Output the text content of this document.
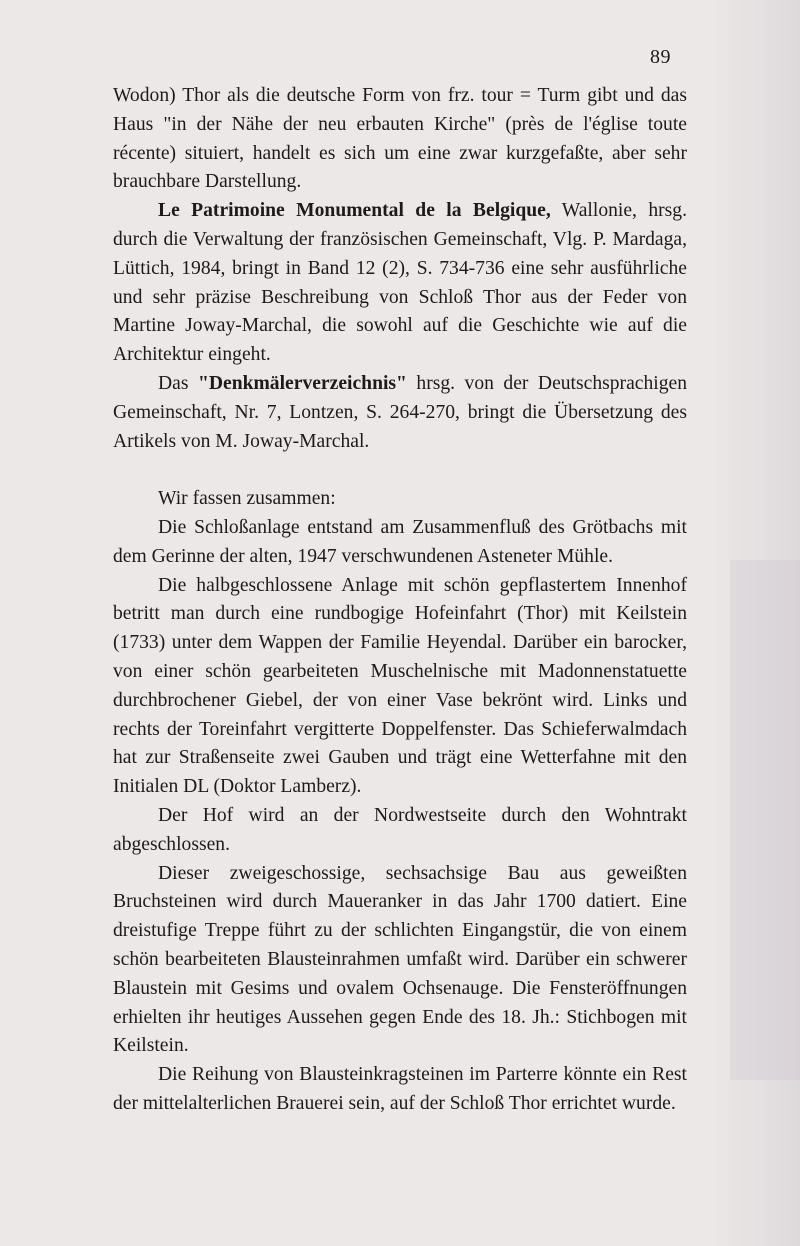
89

Wodon) Thor als die deutsche Form von frz. tour = Turm gibt und das Haus "in der Nähe der neu erbauten Kirche" (près de l'église toute récente) situiert, handelt es sich um eine zwar kurzgefaßte, aber sehr brauchbare Darstellung.

Le Patrimoine Monumental de la Belgique, Wallonie, hrsg. durch die Verwaltung der französischen Gemeinschaft, Vlg. P. Mardaga, Lüttich, 1984, bringt in Band 12 (2), S. 734-736 eine sehr ausführliche und sehr präzise Beschreibung von Schloß Thor aus der Feder von Martine Joway-Marchal, die sowohl auf die Geschichte wie auf die Architektur eingeht.

Das "Denkmälerverzeichnis" hrsg. von der Deutschsprachigen Gemeinschaft, Nr. 7, Lontzen, S. 264-270, bringt die Übersetzung des Artikels von M. Joway-Marchal.

Wir fassen zusammen:

Die Schloßanlage entstand am Zusammenfluß des Grötbachs mit dem Gerinne der alten, 1947 verschwundenen Asteneter Mühle.

Die halbgeschlossene Anlage mit schön gepflastertem Innenhof betritt man durch eine rundbogige Hofeinfahrt (Thor) mit Keilstein (1733) unter dem Wappen der Familie Heyendal. Darüber ein barocker, von einer schön gearbeiteten Muschelnische mit Madonnenstatuette durchbrochener Giebel, der von einer Vase bekrönt wird. Links und rechts der Toreinfahrt vergitterte Doppelfenster. Das Schieferwalmdach hat zur Straßenseite zwei Gauben und trägt eine Wetterfahne mit den Initialen DL (Doktor Lamberz).

Der Hof wird an der Nordwestseite durch den Wohntrakt abgeschlossen.

Dieser zweigeschossige, sechsachsige Bau aus geweißten Bruchsteinen wird durch Maueranker in das Jahr 1700 datiert. Eine dreistufige Treppe führt zu der schlichten Eingangstür, die von einem schön bearbeiteten Blausteinrahmen umfaßt wird. Darüber ein schwerer Blaustein mit Gesims und ovalem Ochsenauge. Die Fensteröffnungen erhielten ihr heutiges Aussehen gegen Ende des 18. Jh.: Stichbogen mit Keilstein.

Die Reihung von Blausteinkragsteinen im Parterre könnte ein Rest der mittelalterlichen Brauerei sein, auf der Schloß Thor errichtet wurde.
